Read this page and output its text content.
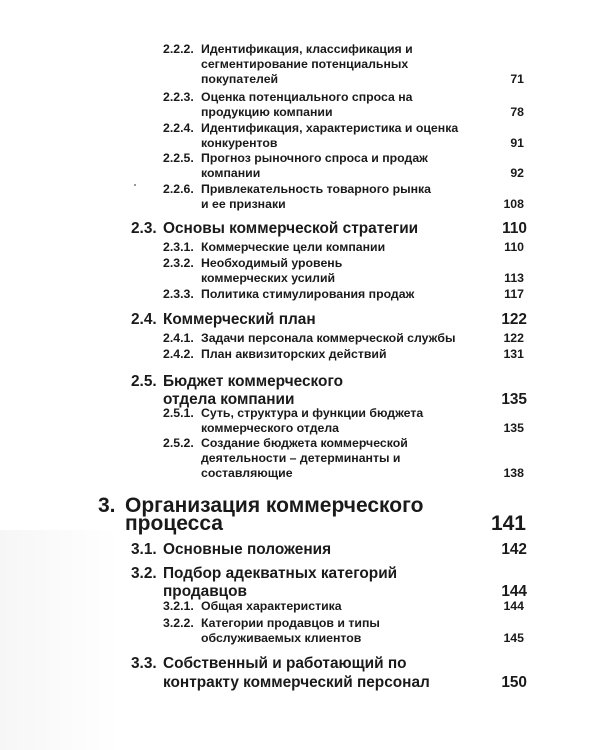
2.2.2. Идентификация, классификация и
сегментирование потенциальных
покупателей	71
2.2.3. Оценка потенциального спроса на
продукцию компании	78
2.2.4. Идентификация, характеристика и оценка
конкурентов	91
2.2.5. Прогноз рыночного спроса и продаж
компании	92
2.2.6. Привлекательность товарного рынка
и ее признаки	108
2.3. Основы коммерческой стратегии	110
2.3.1. Коммерческие цели компании	110
2.3.2. Необходимый уровень
коммерческих усилий	113
2.3.3. Политика стимулирования продаж	117
2.4. Коммерческий план	122
2.4.1. Задачи персонала коммерческой службы	122
2.4.2. План аквизиторских действий	131
2.5. Бюджет коммерческого
отдела компании	135
2.5.1. Суть, структура и функции бюджета
коммерческого отдела	135
2.5.2. Создание бюджета коммерческой
деятельности – детерминанты и
составляющие	138
3. Организация коммерческого
процесса	141
3.1. Основные положения	142
3.2. Подбор адекватных категорий
продавцов	144
3.2.1. Общая характеристика	144
3.2.2. Категории продавцов и типы
обслуживаемых клиентов	145
3.3. Собственный и работающий по
контракту коммерческий персонал	150
